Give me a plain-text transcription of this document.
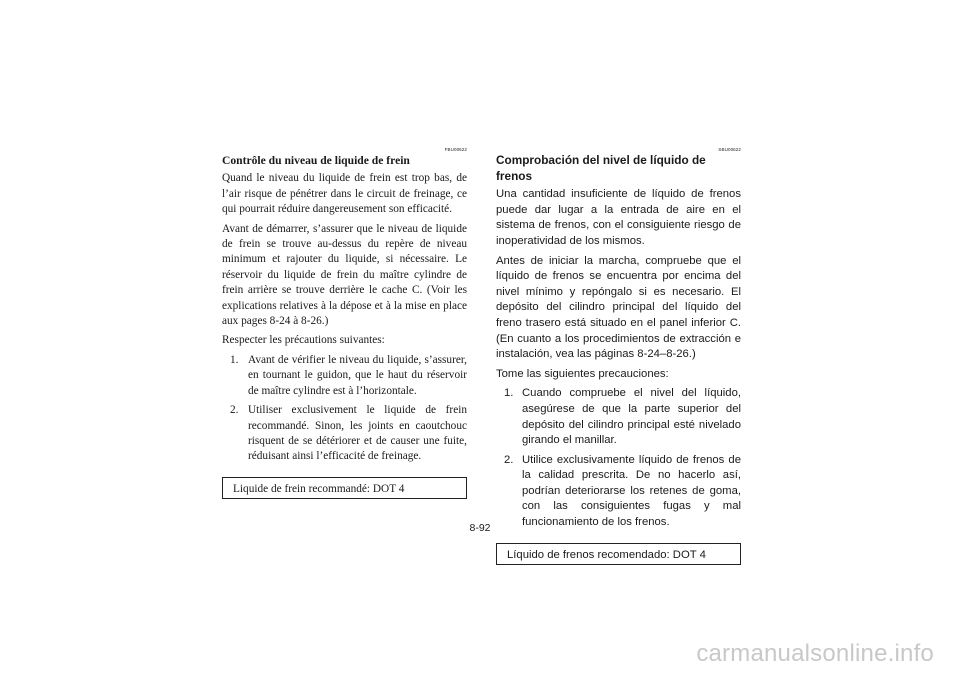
FBU00622
Contrôle du niveau de liquide de frein

Quand le niveau du liquide de frein est trop bas, de l’air risque de pénétrer dans le circuit de freinage, ce qui pourrait réduire dangereusement son efficacité.

Avant de démarrer, s’assurer que le niveau de liquide de frein se trouve au-dessus du repère de niveau minimum et rajouter du liquide, si nécessaire. Le réservoir du liquide de frein du maître cylindre de frein arrière se trouve derrière le cache C. (Voir les explications relatives à la dépose et à la mise en place aux pages 8-24 à 8-26.)

Respecter les précautions suivantes:

1. Avant de vérifier le niveau du liquide, s’assurer, en tournant le guidon, que le haut du réservoir de maître cylindre est à l’horizontale.
2. Utiliser exclusivement le liquide de frein recommandé. Sinon, les joints en caoutchouc risquent de se détériorer et de causer une fuite, réduisant ainsi l’efficacité de freinage.
Liquide de frein recommandé: DOT 4
SBU00622
Comprobación del nivel de líquido de frenos

Una cantidad insuficiente de líquido de frenos puede dar lugar a la entrada de aire en el sistema de frenos, con el consiguiente riesgo de inoperatividad de los mismos.

Antes de iniciar la marcha, compruebe que el líquido de frenos se encuentra por encima del nivel mínimo y repóngalo si es necesario. El depósito del cilindro principal del líquido del freno trasero está situado en el panel inferior C. (En cuanto a los procedimientos de extracción e instalación, vea las páginas 8-24–8-26.)

Tome las siguientes precauciones:

1. Cuando compruebe el nivel del líquido, asegúrese de que la parte superior del depósito del cilindro principal esté nivelado girando el manillar.
2. Utilice exclusivamente líquido de frenos de la calidad prescrita. De no hacerlo así, podrían deteriorarse los retenes de goma, con las consiguientes fugas y mal funcionamiento de los frenos.
Líquido de frenos recomendado: DOT 4
8-92
carmanualsonline.info
